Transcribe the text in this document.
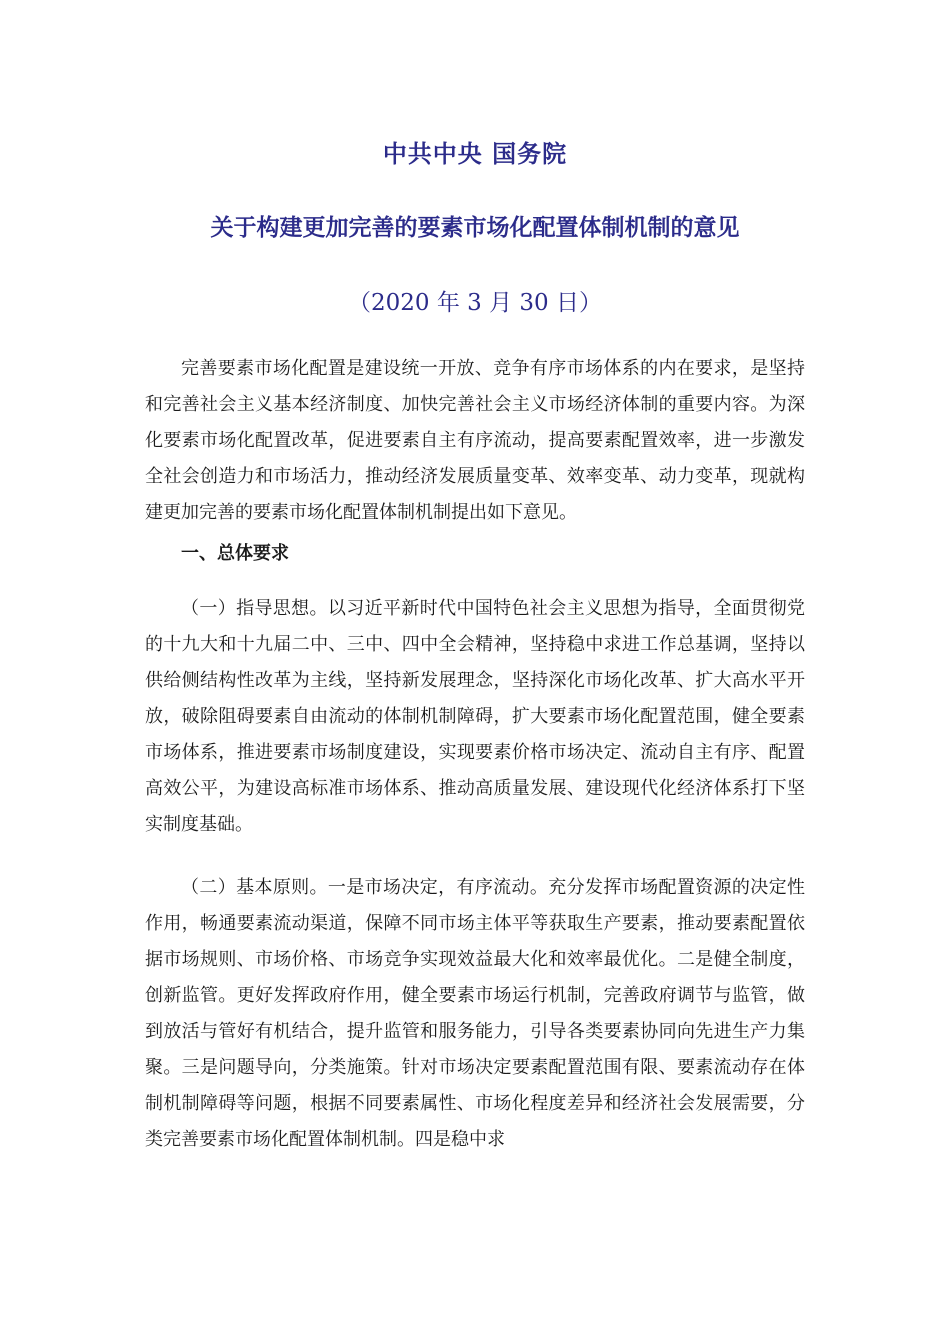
中共中央 国务院
关于构建更加完善的要素市场化配置体制机制的意见
（2020 年 3 月 30 日）

完善要素市场化配置是建设统一开放、竞争有序市场体系的内在要求，是坚持和完善社会主义基本经济制度、加快完善社会主义市场经济体制的重要内容。为深化要素市场化配置改革，促进要素自主有序流动，提高要素配置效率，进一步激发全社会创造力和市场活力，推动经济发展质量变革、效率变革、动力变革，现就构建更加完善的要素市场化配置体制机制提出如下意见。

一、总体要求

（一）指导思想。以习近平新时代中国特色社会主义思想为指导，全面贯彻党的十九大和十九届二中、三中、四中全会精神，坚持稳中求进工作总基调，坚持以供给侧结构性改革为主线，坚持新发展理念，坚持深化市场化改革、扩大高水平开放，破除阻碍要素自由流动的体制机制障碍，扩大要素市场化配置范围，健全要素市场体系，推进要素市场制度建设，实现要素价格市场决定、流动自主有序、配置高效公平，为建设高标准市场体系、推动高质量发展、建设现代化经济体系打下坚实制度基础。

（二）基本原则。一是市场决定，有序流动。充分发挥市场配置资源的决定性作用，畅通要素流动渠道，保障不同市场主体平等获取生产要素，推动要素配置依据市场规则、市场价格、市场竞争实现效益最大化和效率最优化。二是健全制度，创新监管。更好发挥政府作用，健全要素市场运行机制，完善政府调节与监管，做到放活与管好有机结合，提升监管和服务能力，引导各类要素协同向先进生产力集聚。三是问题导向，分类施策。针对市场决定要素配置范围有限、要素流动存在体制机制障碍等问题，根据不同要素属性、市场化程度差异和经济社会发展需要，分类完善要素市场化配置体制机制。四是稳中求
